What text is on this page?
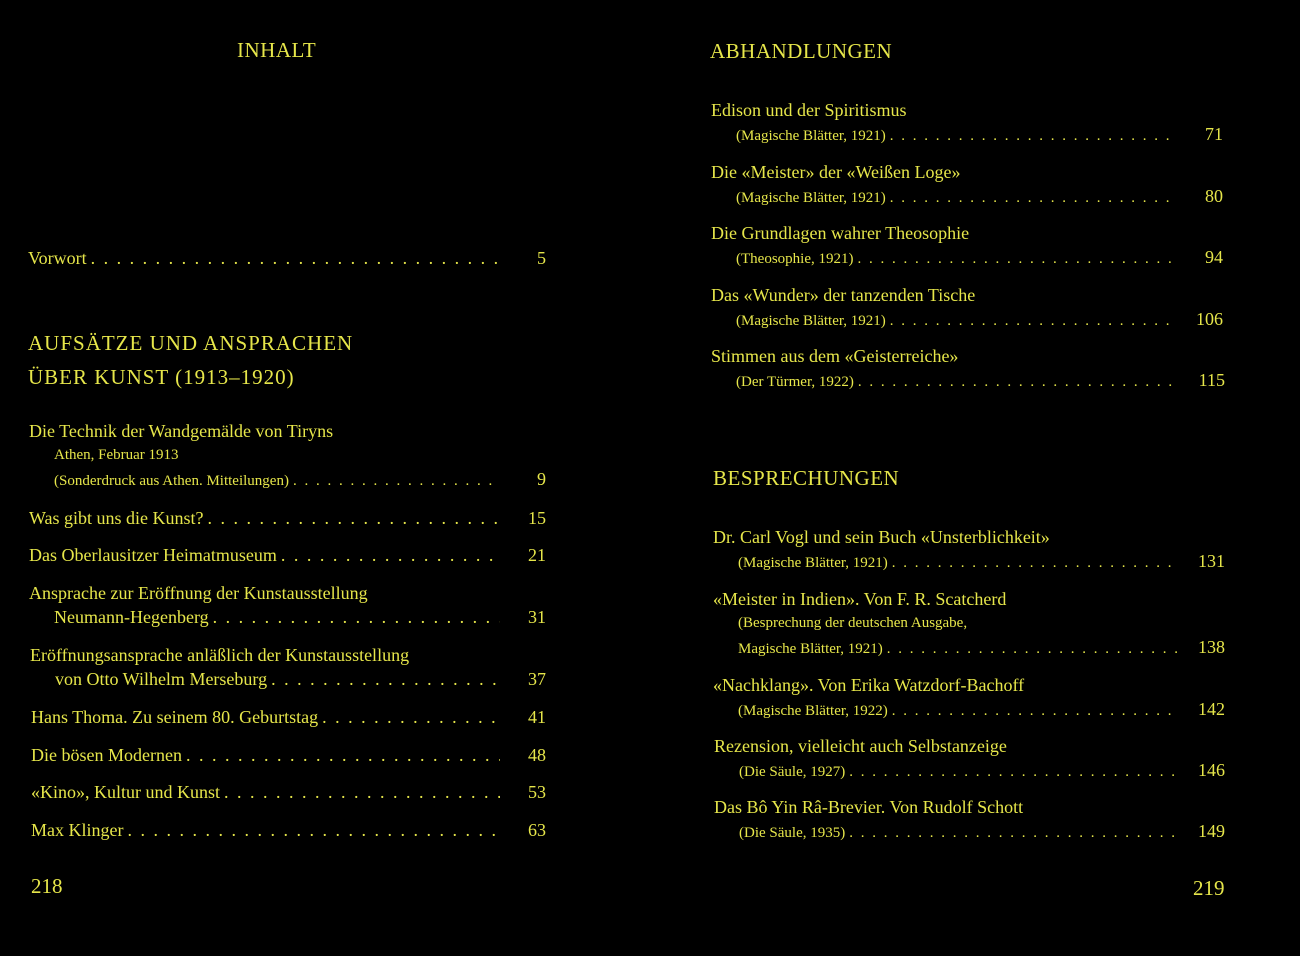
INHALT
Vorwort . . .	5
AUFSÄTZE UND ANSPRACHEN
ÜBER KUNST (1913–1920)
Die Technik der Wandgemälde von Tiryns
Athen, Februar 1913
(Sonderdruck aus Athen. Mitteilungen) . . .	9
Was gibt uns die Kunst? . . .	15
Das Oberlausitzer Heimatmuseum . . .	21
Ansprache zur Eröffnung der Kunstausstellung
Neumann-Hegenberg . . .	31
Eröffnungsansprache anläßlich der Kunstausstellung
von Otto Wilhelm Merseburg . . .	37
Hans Thoma. Zu seinem 80. Geburtstag . . .	41
Die bösen Modernen . . .	48
«Kino», Kultur und Kunst . . .	53
Max Klinger . . .	63
218
ABHANDLUNGEN
Edison und der Spiritismus
(Magische Blätter, 1921) . . .	71
Die «Meister» der «Weißen Loge»
(Magische Blätter, 1921) . . .	80
Die Grundlagen wahrer Theosophie
(Theosophie, 1921) . . .	94
Das «Wunder» der tanzenden Tische
(Magische Blätter, 1921) . . .	106
Stimmen aus dem «Geisterreiche»
(Der Türmer, 1922) . . .	115
BESPRECHUNGEN
Dr. Carl Vogl und sein Buch «Unsterblichkeit»
(Magische Blätter, 1921) . . .	131
«Meister in Indien». Von F. R. Scatcherd
(Besprechung der deutschen Ausgabe,
Magische Blätter, 1921) . . .	138
«Nachklang». Von Erika Watzdorf-Bachoff
(Magische Blätter, 1922) . . .	142
Rezension, vielleicht auch Selbstanzeige
(Die Säule, 1927) . . .	146
Das Bô Yin Râ-Brevier. Von Rudolf Schott
(Die Säule, 1935) . . .	149
219
